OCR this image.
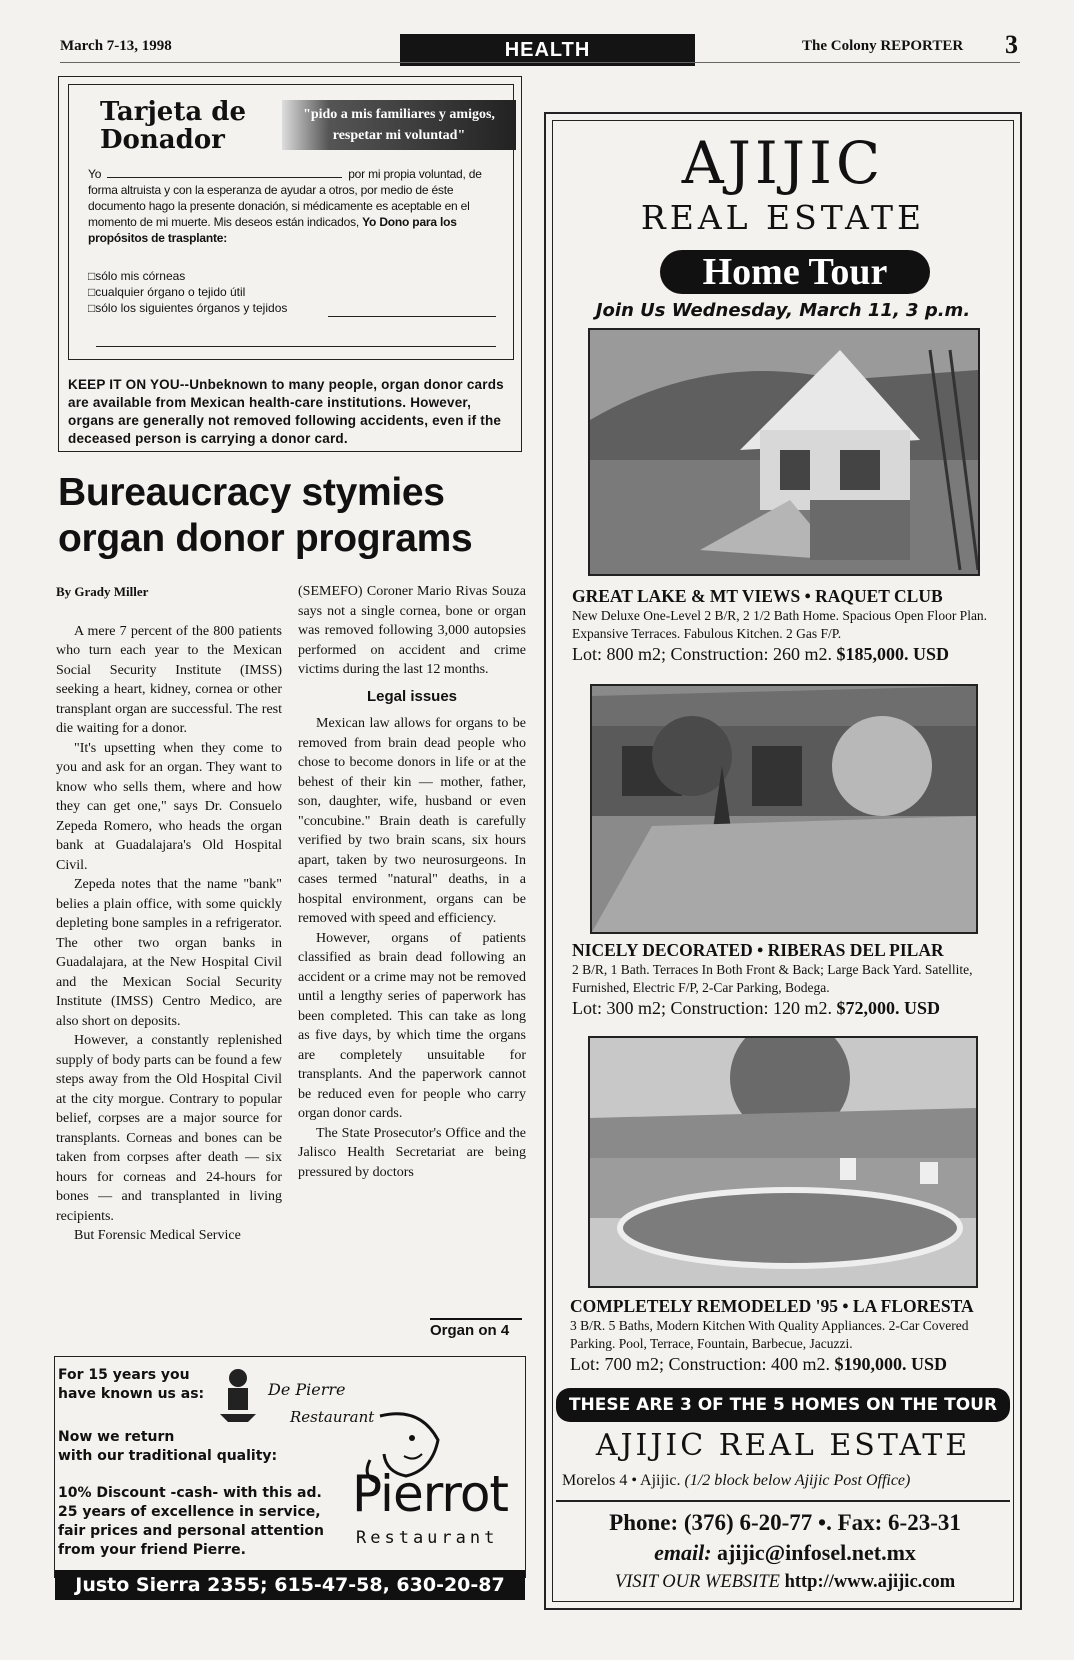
March 7-13, 1998	HEALTH	The Colony REPORTER 3
Tarjeta de
Donador
"pido a mis familiares y amigos, respetar mi voluntad"
Yo	por mi propia voluntad, de forma altruista y con la esperanza de ayudar a otros, por medio de éste documento hago la presente donación, si médicamente es aceptable en el momento de mi muerte. Mis deseos están indicados, Yo Dono para los propósitos de trasplante:
□sólo mis córneas
□cualquier órgano o tejido útil
□sólo los siguientes órganos y tejidos
KEEP IT ON YOU--Unbeknown to many people, organ donor cards are available from Mexican health-care institutions. However, organs are generally not removed following accidents, even if the deceased person is carrying a donor card.
Bureaucracy stymies organ donor programs

By Grady Miller

A mere 7 percent of the 800 patients who turn each year to the Mexican Social Security Institute (IMSS) seeking a heart, kidney, cornea or other transplant organ are successful. The rest die waiting for a donor.

"It's upsetting when they come to you and ask for an organ. They want to know who sells them, where and how they can get one," says Dr. Consuelo Zepeda Romero, who heads the organ bank at Guadalajara's Old Hospital Civil.

Zepeda notes that the name "bank" belies a plain office, with some quickly depleting bone samples in a refrigerator. The other two organ banks in Guadalajara, at the New Hospital Civil and the Mexican Social Security Institute (IMSS) Centro Medico, are also short on deposits.

However, a constantly replenished supply of body parts can be found a few steps away from the Old Hospital Civil at the city morgue. Contrary to popular belief, corpses are a major source for transplants. Corneas and bones can be taken from corpses after death — six hours for corneas and 24-hours for bones — and transplanted in living recipients.

But Forensic Medical Service

(SEMEFO) Coroner Mario Rivas Souza says not a single cornea, bone or organ was removed following 3,000 autopsies performed on accident and crime victims during the last 12 months.

Legal issues

Mexican law allows for organs to be removed from brain dead people who chose to become donors in life or at the behest of their kin — mother, father, son, daughter, wife, husband or even "concubine." Brain death is carefully verified by two brain scans, six hours apart, taken by two neurosurgeons. In cases termed "natural" deaths, in a hospital environment, organs can be removed with speed and efficiency.

However, organs of patients classified as brain dead following an accident or a crime may not be removed until a lengthy series of paperwork has been completed. This can take as long as five days, by which time the organs are completely unsuitable for transplants. And the paperwork cannot be reduced even for people who carry organ donor cards.

The State Prosecutor's Office and the Jalisco Health Secretariat are being pressured by doctors

Organ on 4
For 15 years you
have known us as:	De Pierre
Restaurant
Now we return
with our traditional quality:
10% Discount -cash- with this ad.
25 years of excellence in service,
fair prices and personal attention
from your friend Pierre.
Pierrot
Restaurant
Justo Sierra 2355; 615-47-58, 630-20-87
AJIJIC
REAL ESTATE
Home Tour
Join Us Wednesday, March 11, 3 p.m.
GREAT LAKE & MT VIEWS • RAQUET CLUB
New Deluxe One-Level 2 B/R, 2 1/2 Bath Home. Spacious Open Floor Plan. Expansive Terraces. Fabulous Kitchen. 2 Gas F/P.
Lot: 800 m2; Construction: 260 m2. $185,000. USD
NICELY DECORATED • RIBERAS DEL PILAR
2 B/R, 1 Bath. Terraces In Both Front & Back; Large Back Yard. Satellite, Furnished, Electric F/P, 2-Car Parking, Bodega.
Lot: 300 m2; Construction: 120 m2. $72,000. USD
COMPLETELY REMODELED '95 • LA FLORESTA
3 B/R. 5 Baths, Modern Kitchen With Quality Appliances. 2-Car Covered Parking. Pool, Terrace, Fountain, Barbecue, Jacuzzi.
Lot: 700 m2; Construction: 400 m2. $190,000. USD
THESE ARE 3 OF THE 5 HOMES ON THE TOUR
AJIJIC REAL ESTATE
Morelos 4 • Ajijic. (1/2 block below Ajijic Post Office)
Phone: (376) 6-20-77 •. Fax: 6-23-31
email: ajijic@infosel.net.mx
VISIT OUR WEBSITE http://www.ajijic.com
